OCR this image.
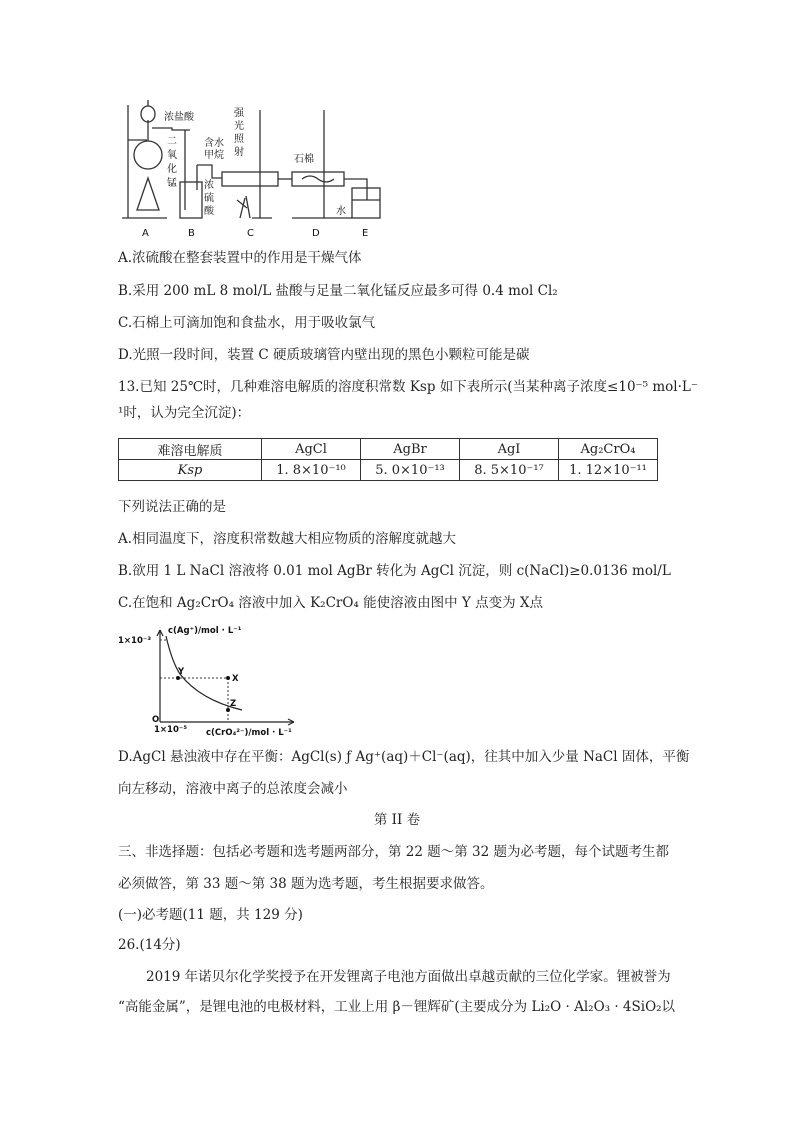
浓盐酸
二
氧
化
锰
含水
甲烷
浓
硫
酸
强
光
照
射
石棉
水
A	B	C	D	E
A.浓硫酸在整套装置中的作用是干燥气体
B.采用 200 mL 8 mol/L 盐酸与足量二氧化锰反应最多可得 0.4 mol Cl₂
C.石棉上可滴加饱和食盐水，用于吸收氯气
D.光照一段时间，装置 C 硬质玻璃管内壁出现的黑色小颗粒可能是碳
13.已知 25℃时，几种难溶电解质的溶度积常数 Ksp 如下表所示(当某种离子浓度≤10⁻⁵ mol·L⁻
¹时，认为完全沉淀)：
难溶电解质	AgCl	AgBr	AgI	Ag₂CrO₄
Ksp	1. 8×10⁻¹⁰	5. 0×10⁻¹³	8. 5×10⁻¹⁷	1. 12×10⁻¹¹
下列说法正确的是
A.相同温度下，溶度积常数越大相应物质的溶解度就越大
B.欲用 1 L NaCl 溶液将 0.01 mol AgBr 转化为 AgCl 沉淀，则 c(NaCl)≥0.0136 mol/L
C.在饱和 Ag₂CrO₄ 溶液中加入 K₂CrO₄ 能使溶液由图中 Y 点变为 X点
c(Ag⁺)/mol · L⁻¹
1×10⁻³
1×10⁻⁵ c(CrO₄²⁻)/mol · L⁻¹
O
Y
X
Z
D.AgCl 悬浊液中存在平衡：AgCl(s) ƒ Ag⁺(aq)＋Cl⁻(aq)，往其中加入少量 NaCl 固体，平衡
向左移动，溶液中离子的总浓度会减小
第 II 卷
三、非选择题：包括必考题和选考题两部分，第 22 题～第 32 题为必考题，每个试题考生都
必须做答，第 33 题～第 38 题为选考题，考生根据要求做答。
(一)必考题(11 题，共 129 分)
26.(14分)
2019 年诺贝尔化学奖授予在开发锂离子电池方面做出卓越贡献的三位化学家。锂被誉为
“高能金属”，是锂电池的电极材料，工业上用 β－锂辉矿(主要成分为 Li₂O · Al₂O₃ · 4SiO₂以
